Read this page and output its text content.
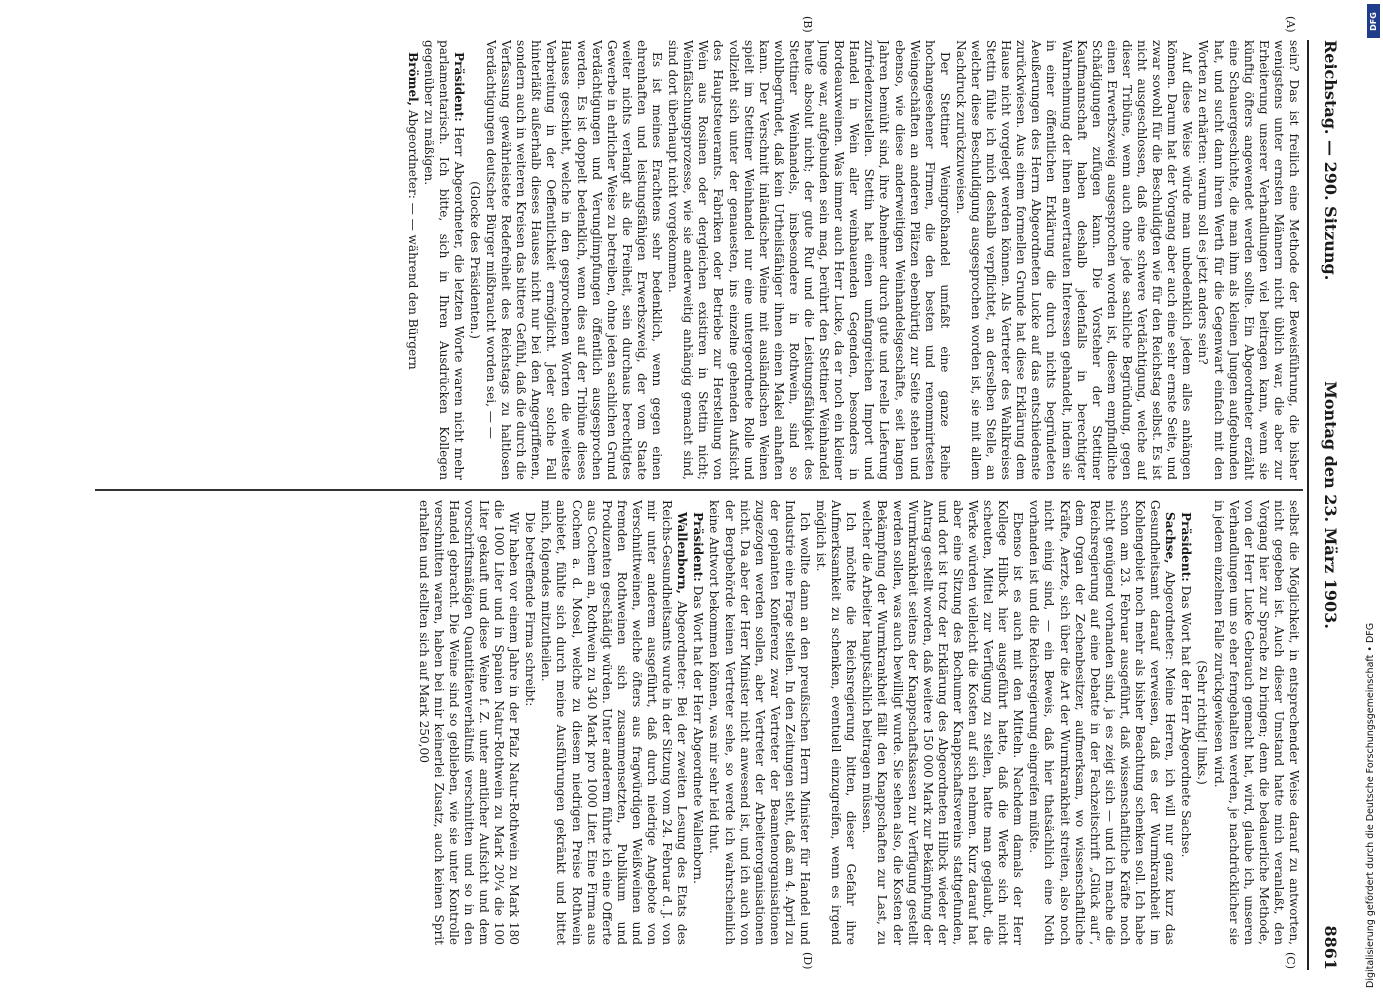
Reichstag. — 290. Sitzung.
Montag den 23. März 1903.
8861
(A)
(B)
(C)
(D)

sein? Das ist freilich eine Methode der Beweisführung, die bisher wenigstens unter ernsten Männern nicht üblich war, die aber zur Erheiterung unserer Verhandlungen viel beitragen kann, wenn sie künftig öfters angewendet werden sollte. Ein Abgeordneter erzählt eine Schauergeschichte, die man ihm als kleinen Jungen aufgebunden hat, und sucht dann ihren Werth für die Gegenwart einfach mit den Worten zu erhärten: warum soll es jetzt anders sein?

Auf diese Weise würde man unbedenklich jedem alles anhängen können. Darum hat der Vorgang aber auch eine sehr ernste Seite, und zwar sowohl für die Beschuldigten wie für den Reichstag selbst. Es ist nicht ausgeschlossen, daß eine schwere Verdächtigung, welche auf dieser Tribüne, wenn auch ohne jede sachliche Begründung, gegen einen Erwerbszweig ausgesprochen worden ist, diesem empfindliche Schädigungen zufügen kann. Die Vorsteher der Stettiner Kaufmannschaft haben deshalb jedenfalls in berechtigter Wahrnehmung der ihnen anvertrauten Interessen gehandelt, indem sie in einer öffentlichen Erklärung die durch nichts begründeten Aeußerungen des Herrn Abgeordneten Lucke auf das entschiedenste zurückwiesen. Aus einem formellen Grunde hat diese Erklärung dem Hause nicht vorgelegt werden können. Als Vertreter des Wahlkreises Stettin fühle ich mich deshalb verpflichtet, an derselben Stelle, an welcher diese Beschuldigung ausgesprochen worden ist, sie mit allem Nachdruck zurückzuweisen.

Der Stettiner Weingroßhandel umfaßt eine ganze Reihe hochangesehener Firmen, die den besten und renommirtesten Weingeschäften an anderen Plätzen ebenbürtig zur Seite stehen und ebenso, wie diese anderweitigen Weinhandelsgeschäfte, seit langen Jahren bemüht sind, ihre Abnehmer durch gute und reelle Lieferung zufriedenzustellen. Stettin hat einen umfangreichen Import und Handel in Wein aller weinbauenden Gegenden, besonders in Bordeauxweinen. Was immer auch Herr Lucke, da er noch ein kleiner Junge war, aufgebunden sein mag, berührt den Stettiner Weinhandel heute absolut nicht; der gute Ruf und die Leistungsfähigkeit des Stettiner Weinhandels, insbesondere in Rothwein, sind so wohlbegründet, daß kein Urtheilsfähiger ihnen einen Makel anhaften kann. Der Verschnitt inländischer Weine mit ausländischen Weinen spielt im Stettiner Weinhandel nur eine untergeordnete Rolle und vollzieht sich unter der genauesten, ins einzelne gehenden Aufsicht des Hauptsteueramts. Fabriken oder Betriebe zur Herstellung von Wein aus Rosinen oder dergleichen existiren in Stettin nicht; Weinfälschungsprozesse, wie sie anderweitig anhängig gemacht sind, sind dort überhaupt nicht vorgekommen.

Es ist meines Erachtens sehr bedenklich, wenn gegen einen ehrenhaften und leistungsfähigen Erwerbszweig, der vom Staate weiter nichts verlangt als die Freiheit, sein durchaus berechtigtes Gewerbe in ehrlicher Weise zu betreiben, ohne jeden sachlichen Grund Verdächtigungen und Verunglimpfungen öffentlich ausgesprochen werden. Es ist doppelt bedenklich, wenn dies auf der Tribüne dieses Hauses geschieht, welche in den gesprochenen Worten die weiteste Verbreitung in der Oeffentlichkeit ermöglicht. Jeder solche Fall hinterläßt außerhalb dieses Hauses nicht nur bei den Angegriffenen, sondern auch in weiteren Kreisen das bittere Gefühl, daß die durch die Verfassung gewährleistete Redefreiheit des Reichstags zu haltlosen Verdächtigungen deutscher Bürger mißbraucht worden sei, — —

(Glocke des Präsidenten.)

Präsident: Herr Abgeordneter, die letzten Worte waren nicht mehr parlamentarisch. Ich bitte, sich in Ihren Ausdrücken Kollegen gegenüber zu mäßigen.

Brömel, Abgeordneter: — — während den Bürgern

selbst die Möglichkeit, in entsprechender Weise darauf zu antworten, nicht gegeben ist. Auch dieser Umstand hatte mich veranlaßt, den Vorgang hier zur Sprache zu bringen; denn die bedauerliche Methode, von der Herr Lucke Gebrauch gemacht hat, wird, glaube ich, unseren Verhandlungen um so eher ferngehalten werden, je nachdrücklicher sie in jedem einzelnen Falle zurückgewiesen wird.

(Sehr richtig! links.)

Präsident: Das Wort hat der Herr Abgeordnete Sachse.

Sachse, Abgeordneter: Meine Herren, ich will nur ganz kurz das Gesundheitsamt darauf verweisen, daß es der Wurmkrankheit im Kohlengebiet noch mehr als bisher Beachtung schenken soll. Ich habe schon am 23. Februar ausgeführt, daß wissenschaftliche Kräfte noch nicht genügend vorhanden sind, ja es zeigt sich — und ich mache die Reichsregierung auf eine Debatte in der Fachzeitschrift „Glück auf“, dem Organ der Zechenbesitzer, aufmerksam, wo wissenschaftliche Kräfte, Aerzte, sich über die Art der Wurmkrankheit streiten, also noch nicht einig sind, — ein Beweis, daß hier thatsächlich eine Noth vorhanden ist und die Reichsregierung eingreifen müßte.

Ebenso ist es auch mit den Mitteln. Nachdem damals der Herr Kollege Hilbck hier ausgeführt hatte, daß die Werke sich nicht scheuten, Mittel zur Verfügung zu stellen, hatte man geglaubt, die Werke würden vielleicht die Kosten auf sich nehmen. Kurz darauf hat aber eine Sitzung des Bochumer Knappschaftsvereins stattgefunden, und dort ist trotz der Erklärung des Abgeordneten Hilbck wieder der Antrag gestellt worden, daß weitere 150 000 Mark zur Bekämpfung der Wurmkrankheit seitens der Knappschaftskassen zur Verfügung gestellt werden sollen, was auch bewilligt wurde. Sie sehen also, die Kosten der Bekämpfung der Wurmkrankheit fällt den Knappschaften zur Last, zu welcher die Arbeiter hauptsächlich beitragen müssen.

Ich möchte die Reichsregierung bitten, dieser Gefahr ihre Aufmerksamkeit zu schenken, eventuell einzugreifen, wenn es irgend möglich ist.

Ich wollte dann an den preußischen Herrn Minister für Handel und Industrie eine Frage stellen. In den Zeitungen steht, daß am 4. April zu der geplanten Konferenz zwar Vertreter der Beamtenorganisationen zugezogen werden sollen, aber Vertreter der Arbeiterorganisationen nicht. Da aber der Herr Minister nicht anwesend ist, und ich auch von der Bergbehörde keinen Vertreter sehe, so werde ich wahrscheinlich keine Antwort bekommen können, was mir sehr leid thut.

Präsident: Das Wort hat der Herr Abgeordnete Wallenborn.

Wallenborn, Abgeordneter: Bei der zweiten Lesung des Etats des Reichs-Gesundheitsamts wurde in der Sitzung vom 24. Februar d. J. von mir unter anderem ausgeführt, daß durch niedrige Angebote von Verschnittweinen, welche öfters aus fragwürdigen Weißweinen und fremden Rothweinen sich zusammensetzten, Publikum und Produzenten geschädigt würden. Unter anderem führte ich eine Offerte aus Cochem an, Rothwein zu 340 Mark pro 1000 Liter. Eine Firma aus Cochem a. d. Mosel, welche zu diesem niedrigen Preise Rothwein anbietet, fühlte sich durch meine Ausführungen gekränkt und bittet mich, folgendes mitzutheilen.

Die betreffende Firma schreibt:

Wir haben vor einem Jahre in der Pfalz Natur-Rothwein zu Mark 180 die 1000 Liter und in Spanien Natur-Rothwein zu Mark 20¼ die 100 Liter gekauft und diese Weine f. Z. unter amtlicher Aufsicht und dem vorschriftsmäßigen Quantitätenverhältniß verschnitten und so in den Handel gebracht. Die Weine sind so geblieben, wie sie unter Kontrolle verschnitten waren, haben bei mir keinerlei Zusatz, auch keinen Sprit erhalten und stellten sich auf Mark 250,00	Digitalisierung gefördert durch die Deutsche Forschungsgemeinschaft • DFG
DFG
